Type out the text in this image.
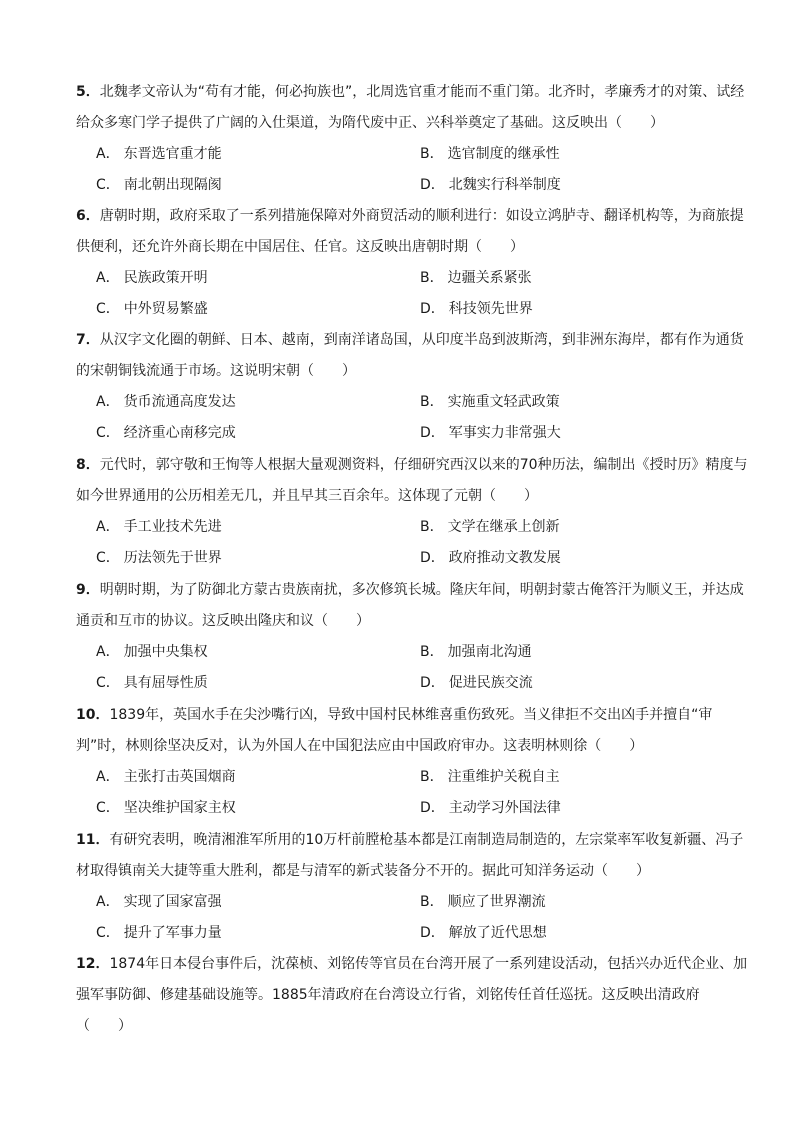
5．北魏孝文帝认为“苟有才能，何必拘族也”，北周选官重才能而不重门第。北齐时，孝廉秀才的对策、试经给众多寒门学子提供了广阔的入仕渠道，为隋代废中正、兴科举奠定了基础。这反映出（　　）
A． 东晋选官重才能	B． 选官制度的继承性
C． 南北朝出现隔阂	D． 北魏实行科举制度
6．唐朝时期，政府采取了一系列措施保障对外商贸活动的顺利进行：如设立鸿胪寺、翻译机构等，为商旅提供便利，还允许外商长期在中国居住、任官。这反映出唐朝时期（　　）
A． 民族政策开明	B． 边疆关系紧张
C． 中外贸易繁盛	D． 科技领先世界
7．从汉字文化圈的朝鲜、日本、越南，到南洋诸岛国，从印度半岛到波斯湾，到非洲东海岸，都有作为通货的宋朝铜钱流通于市场。这说明宋朝（　　）
A． 货币流通高度发达	B． 实施重文轻武政策
C． 经济重心南移完成	D． 军事实力非常强大
8．元代时，郭守敬和王恂等人根据大量观测资料，仔细研究西汉以来的70种历法，编制出《授时历》精度与如今世界通用的公历相差无几，并且早其三百余年。这体现了元朝（　　）
A． 手工业技术先进	B． 文学在继承上创新
C． 历法领先于世界	D． 政府推动文教发展
9．明朝时期，为了防御北方蒙古贵族南扰，多次修筑长城。隆庆年间，明朝封蒙古俺答汗为顺义王，并达成通贡和互市的协议。这反映出隆庆和议（　　）
A． 加强中央集权	B． 加强南北沟通
C． 具有屈辱性质	D． 促进民族交流
10．1839年，英国水手在尖沙嘴行凶，导致中国村民林维喜重伤致死。当义律拒不交出凶手并擅自“审判”时，林则徐坚决反对，认为外国人在中国犯法应由中国政府审办。这表明林则徐（　　）
A． 主张打击英国烟商	B． 注重维护关税自主
C． 坚决维护国家主权	D． 主动学习外国法律
11．有研究表明，晚清湘淮军所用的10万杆前膛枪基本都是江南制造局制造的，左宗棠率军收复新疆、冯子材取得镇南关大捷等重大胜利，都是与清军的新式装备分不开的。据此可知洋务运动（　　）
A． 实现了国家富强	B． 顺应了世界潮流
C． 提升了军事力量	D． 解放了近代思想
12．1874年日本侵台事件后，沈葆桢、刘铭传等官员在台湾开展了一系列建设活动，包括兴办近代企业、加强军事防御、修建基础设施等。1885年清政府在台湾设立行省，刘铭传任首任巡抚。这反映出清政府（　　）
